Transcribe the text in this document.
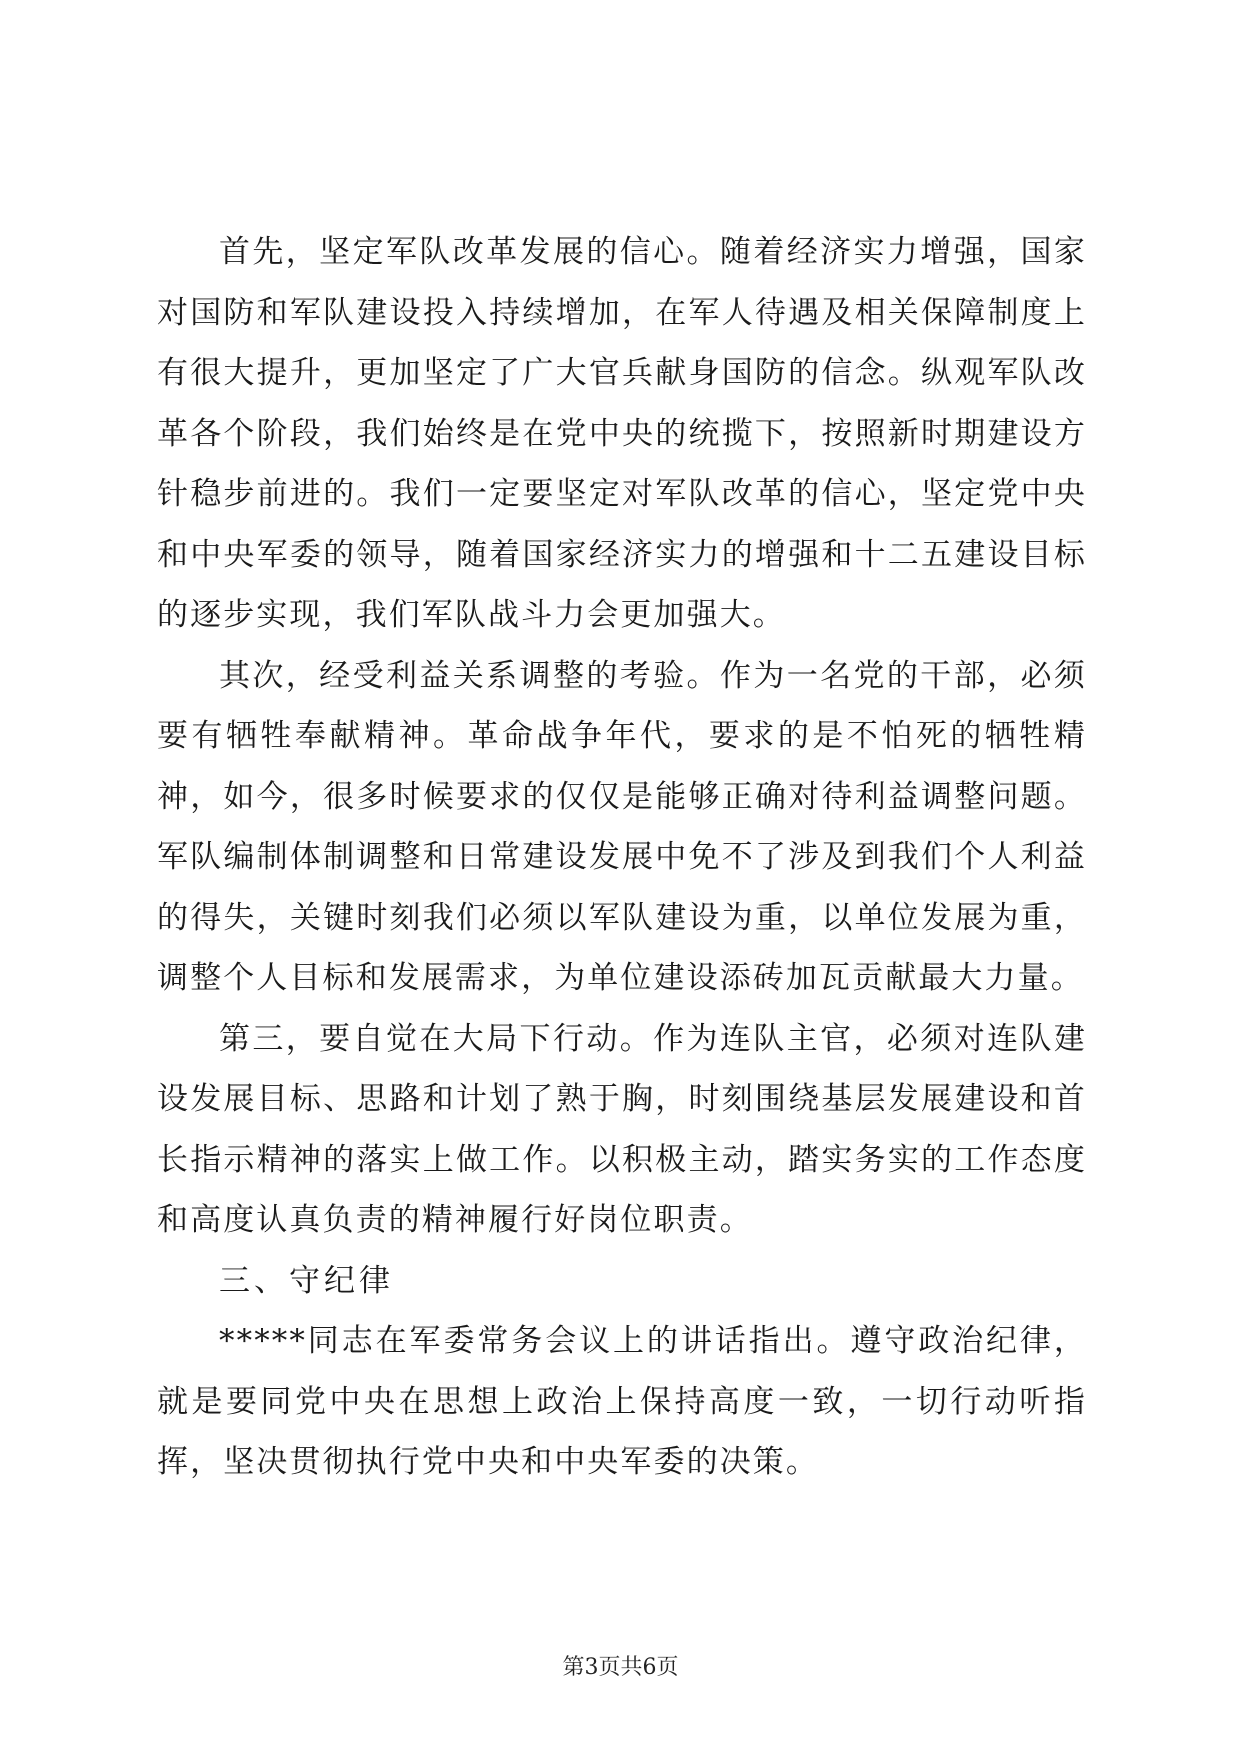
首先，坚定军队改革发展的信心。随着经济实力增强，国家对国防和军队建设投入持续增加，在军人待遇及相关保障制度上有很大提升，更加坚定了广大官兵献身国防的信念。纵观军队改革各个阶段，我们始终是在党中央的统揽下，按照新时期建设方针稳步前进的。我们一定要坚定对军队改革的信心，坚定党中央和中央军委的领导，随着国家经济实力的增强和十二五建设目标的逐步实现，我们军队战斗力会更加强大。

其次，经受利益关系调整的考验。作为一名党的干部，必须要有牺牲奉献精神。革命战争年代，要求的是不怕死的牺牲精神，如今，很多时候要求的仅仅是能够正确对待利益调整问题。军队编制体制调整和日常建设发展中免不了涉及到我们个人利益的得失，关键时刻我们必须以军队建设为重，以单位发展为重，调整个人目标和发展需求，为单位建设添砖加瓦贡献最大力量。

第三，要自觉在大局下行动。作为连队主官，必须对连队建设发展目标、思路和计划了熟于胸，时刻围绕基层发展建设和首长指示精神的落实上做工作。以积极主动，踏实务实的工作态度和高度认真负责的精神履行好岗位职责。

三、守纪律

*****同志在军委常务会议上的讲话指出。遵守政治纪律，就是要同党中央在思想上政治上保持高度一致，一切行动听指挥，坚决贯彻执行党中央和中央军委的决策。

第3页共6页
